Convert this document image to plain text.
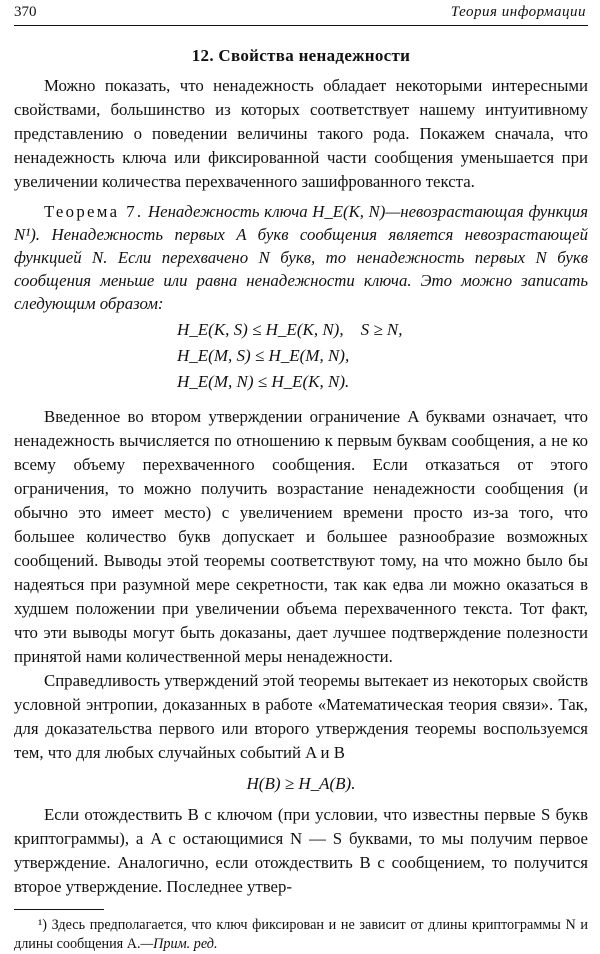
370	Теория информации
12. Свойства ненадежности

Можно показать, что ненадежность обладает некоторыми интересными свойствами, большинство из которых соответствует нашему интуитивному представлению о поведении величины такого рода. Покажем сначала, что ненадежность ключа или фиксированной части сообщения уменьшается при увеличении количества перехваченного зашифрованного текста.

Теорема 7. Ненадежность ключа H_E(K, N)—невозрастающая функция N¹). Ненадежность первых A букв сообщения является невозрастающей функцией N. Если перехвачено N букв, то ненадежность первых N букв сообщения меньше или равна ненадежности ключа. Это можно записать следующим образом:

H_E(K, S) ≤ H_E(K, N),    S ≥ N,
H_E(M, S) ≤ H_E(M, N),
H_E(M, N) ≤ H_E(K, N).

Введенное во втором утверждении ограничение A буквами означает, что ненадежность вычисляется по отношению к первым буквам сообщения, а не ко всему объему перехваченного сообщения. Если отказаться от этого ограничения, то можно получить возрастание ненадежности сообщения (и обычно это имеет место) с увеличением времени просто из-за того, что большее количество букв допускает и большее разнообразие возможных сообщений. Выводы этой теоремы соответствуют тому, на что можно было бы надеяться при разумной мере секретности, так как едва ли можно оказаться в худшем положении при увеличении объема перехваченного текста. Тот факт, что эти выводы могут быть доказаны, дает лучшее подтверждение полезности принятой нами количественной меры ненадежности.

Справедливость утверждений этой теоремы вытекает из некоторых свойств условной энтропии, доказанных в работе «Математическая теория связи». Так, для доказательства первого или второго утверждения теоремы воспользуемся тем, что для любых случайных событий A и B

H(B) ≥ H_A(B).

Если отождествить B с ключом (при условии, что известны первые S букв криптограммы), а A с остающимися N — S буквами, то мы получим первое утверждение. Аналогично, если отождествить B с сообщением, то получится второе утверждение. Последнее утвер-

¹) Здесь предполагается, что ключ фиксирован и не зависит от длины криптограммы N и длины сообщения A.—Прим. ред.
